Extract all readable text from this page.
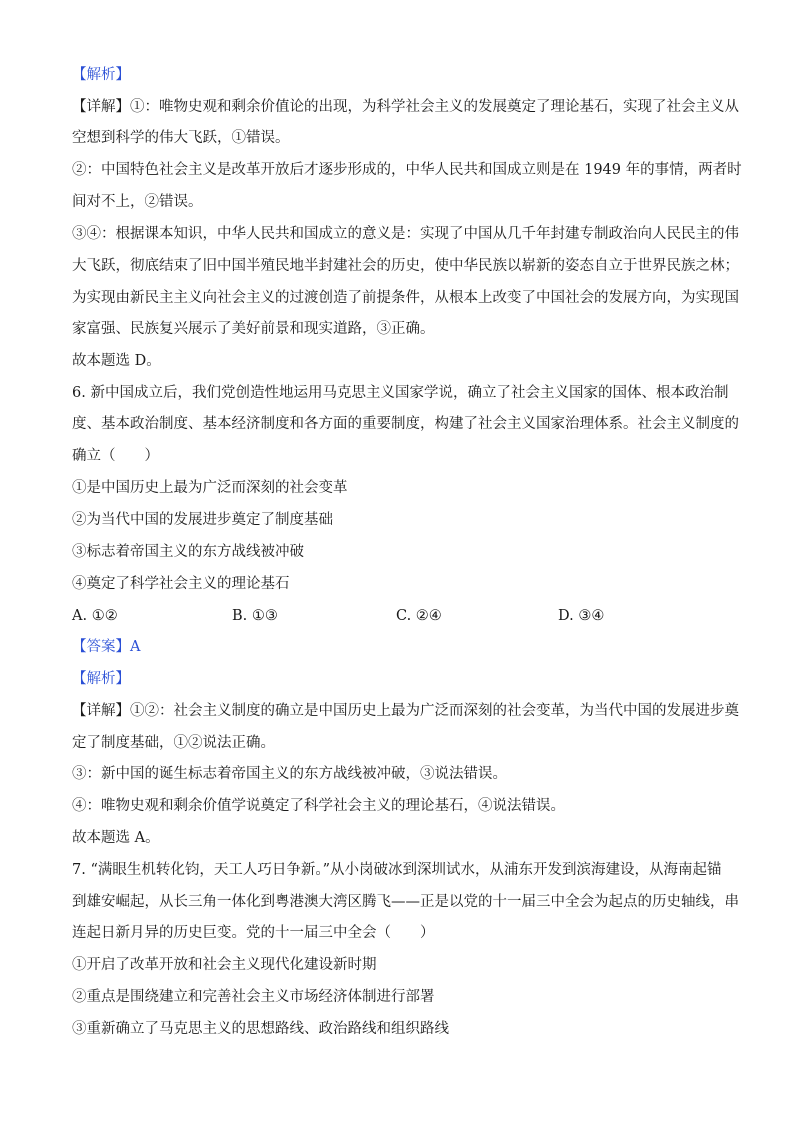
【解析】
【详解】①：唯物史观和剩余价值论的出现，为科学社会主义的发展奠定了理论基石，实现了社会主义从
空想到科学的伟大飞跃，①错误。
②：中国特色社会主义是改革开放后才逐步形成的，中华人民共和国成立则是在 1949 年的事情，两者时
间对不上，②错误。
③④：根据课本知识，中华人民共和国成立的意义是：实现了中国从几千年封建专制政治向人民民主的伟
大飞跃，彻底结束了旧中国半殖民地半封建社会的历史，使中华民族以崭新的姿态自立于世界民族之林；
为实现由新民主主义向社会主义的过渡创造了前提条件，从根本上改变了中国社会的发展方向，为实现国
家富强、民族复兴展示了美好前景和现实道路，③正确。
故本题选 D。
6. 新中国成立后，我们党创造性地运用马克思主义国家学说，确立了社会主义国家的国体、根本政治制
度、基本政治制度、基本经济制度和各方面的重要制度，构建了社会主义国家治理体系。社会主义制度的
确立（　　）
①是中国历史上最为广泛而深刻的社会变革
②为当代中国的发展进步奠定了制度基础
③标志着帝国主义的东方战线被冲破
④奠定了科学社会主义的理论基石
A. ①②	B. ①③	C. ②④	D. ③④
【答案】A
【解析】
【详解】①②：社会主义制度的确立是中国历史上最为广泛而深刻的社会变革，为当代中国的发展进步奠
定了制度基础，①②说法正确。
③：新中国的诞生标志着帝国主义的东方战线被冲破，③说法错误。
④：唯物史观和剩余价值学说奠定了科学社会主义的理论基石，④说法错误。
故本题选 A。
7. “满眼生机转化钧，天工人巧日争新。”从小岗破冰到深圳试水，从浦东开发到滨海建设，从海南起锚
到雄安崛起，从长三角一体化到粤港澳大湾区腾飞——正是以党的十一届三中全会为起点的历史轴线，串
连起日新月异的历史巨变。党的十一届三中全会（　　）
①开启了改革开放和社会主义现代化建设新时期
②重点是围绕建立和完善社会主义市场经济体制进行部署
③重新确立了马克思主义的思想路线、政治路线和组织路线
